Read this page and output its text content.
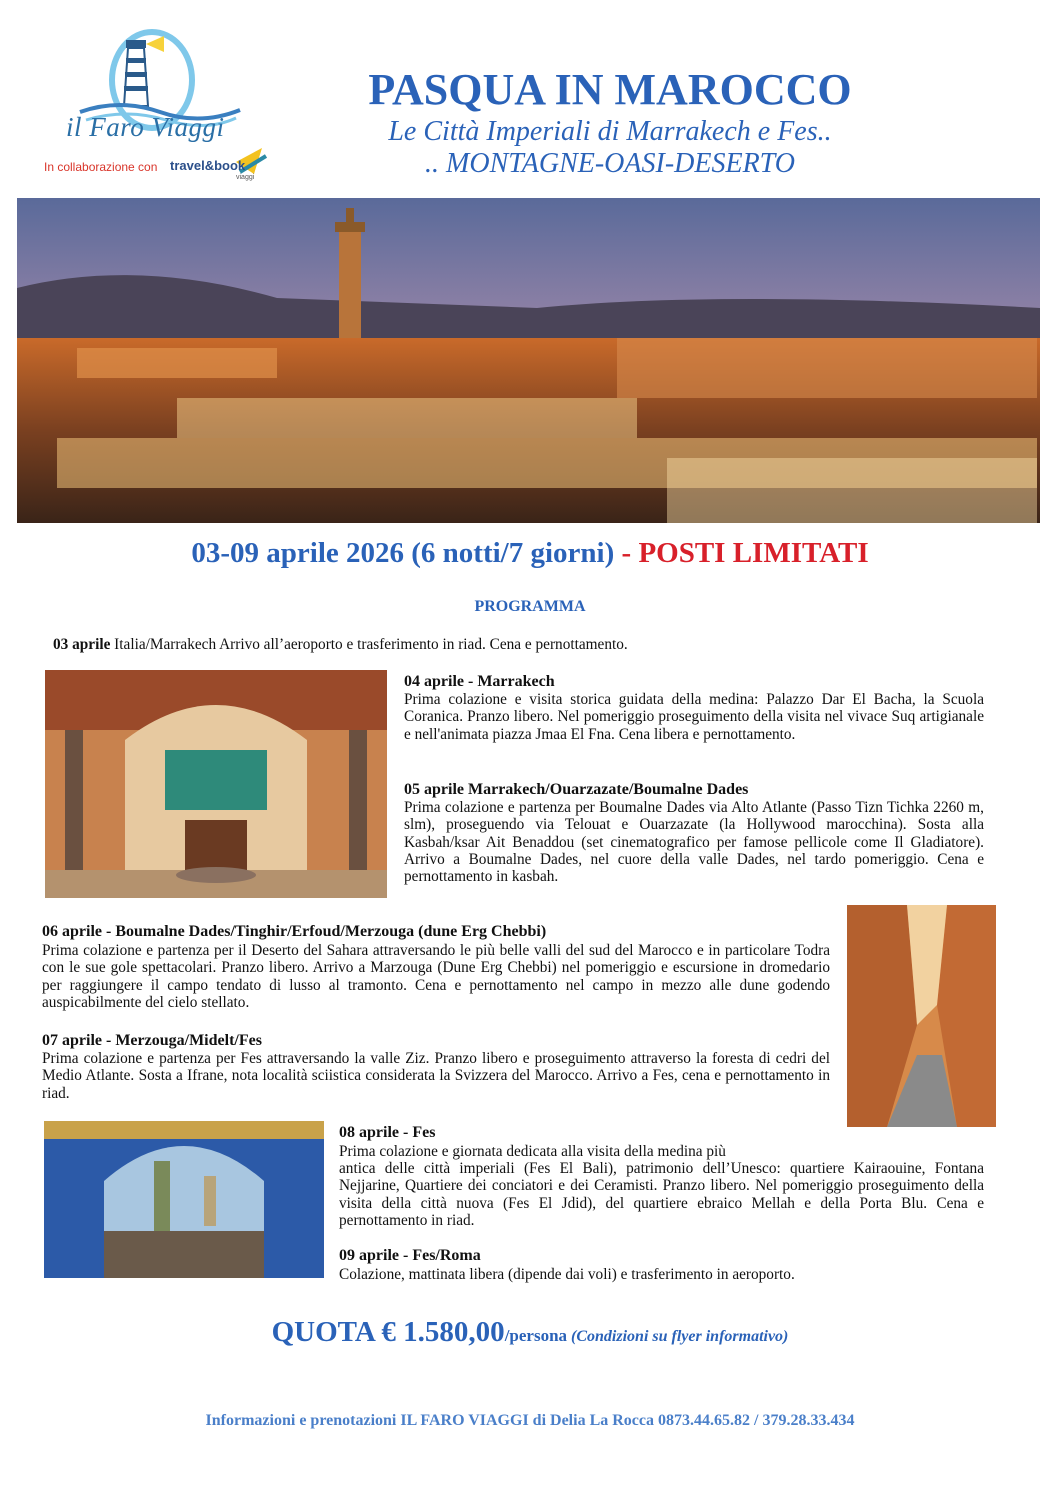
il Faro Viaggi
In collaborazione con travel&book
viaggi
PASQUA IN MAROCCO
Le Città Imperiali di Marrakech e Fes..
.. MONTAGNE-OASI-DESERTO
03-09 aprile 2026 (6 notti/7 giorni) - POSTI LIMITATI
PROGRAMMA
03 aprile Italia/Marrakech Arrivo all’aeroporto e trasferimento in riad. Cena e pernottamento.
04 aprile - Marrakech
Prima colazione e visita storica guidata della medina: Palazzo Dar El Bacha, la Scuola Coranica. Pranzo libero. Nel pomeriggio proseguimento della visita nel vivace Suq artigianale e nell'animata piazza Jmaa El Fna. Cena libera e pernottamento.
05 aprile Marrakech/Ouarzazate/Boumalne Dades
Prima colazione e partenza per Boumalne Dades via Alto Atlante (Passo Tizn Tichka 2260 m, slm), proseguendo via Telouat e Ouarzazate (la Hollywood marocchina). Sosta alla Kasbah/ksar Ait Benaddou (set cinematografico per famose pellicole come Il Gladiatore). Arrivo a Boumalne Dades, nel cuore della valle Dades, nel tardo pomeriggio. Cena e pernottamento in kasbah.
06 aprile - Boumalne Dades/Tinghir/Erfoud/Merzouga (dune Erg Chebbi)
Prima colazione e partenza per il Deserto del Sahara attraversando le più belle valli del sud del Marocco e in particolare Todra con le sue gole spettacolari. Pranzo libero. Arrivo a Marzouga (Dune Erg Chebbi) nel pomeriggio e escursione in dromedario per raggiungere il campo tendato di lusso al tramonto. Cena e pernottamento nel campo in mezzo alle dune godendo auspicabilmente del cielo stellato.
07 aprile - Merzouga/Midelt/Fes
Prima colazione e partenza per Fes attraversando la valle Ziz. Pranzo libero e proseguimento attraverso la foresta di cedri del Medio Atlante. Sosta a Ifrane, nota località sciistica considerata la Svizzera del Marocco. Arrivo a Fes, cena e pernottamento in riad.
08 aprile - Fes
Prima colazione e giornata dedicata alla visita della medina più
antica delle città imperiali (Fes El Bali), patrimonio dell’Unesco: quartiere Kairaouine, Fontana Nejjarine, Quartiere dei conciatori e dei Ceramisti. Pranzo libero. Nel pomeriggio proseguimento della visita della città nuova (Fes El Jdid), del quartiere ebraico Mellah e della Porta Blu. Cena e pernottamento in riad.
09 aprile - Fes/Roma
Colazione, mattinata libera (dipende dai voli) e trasferimento in aeroporto.
QUOTA € 1.580,00/persona (Condizioni su flyer informativo)
Informazioni e prenotazioni IL FARO VIAGGI di Delia La Rocca 0873.44.65.82 / 379.28.33.434
